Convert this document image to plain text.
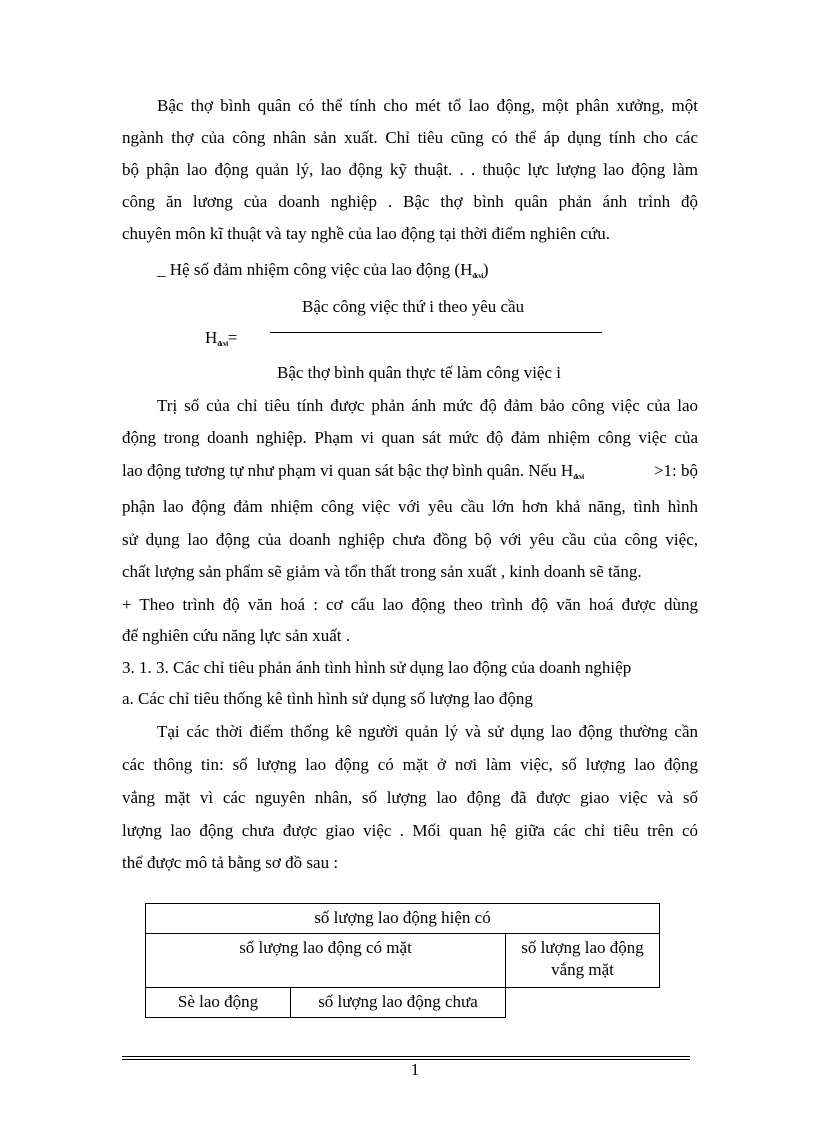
Bậc thợ bình quân có thể tính cho mét tổ lao động, một phân xưởng, một
ngành thợ của công nhân sản xuất. Chỉ tiêu cũng có thể áp dụng tính cho các
bộ phận lao động quản lý, lao động kỹ thuật. . . thuộc lực lượng lao động làm
công ăn lương của doanh nghiệp . Bậc thợ bình quân phản ánh trình độ
chuyên môn kĩ thuật và tay nghề của lao động tại thời điểm nghiên cứu.
_ Hệ số đảm nhiệm công việc của lao động $(H_{đcvi})$
Bậc công việc thứ i theo yêu cầu
$H_{đcvi}=$
Bậc thợ bình quân thực tế làm công việc i
Trị số của chỉ tiêu tính được phản ánh mức độ đảm bảo công việc của lao
động trong doanh nghiệp. Phạm vi quan sát mức độ đảm nhiệm công việc của
lao động tương tự như phạm vi quan sát bậc thợ bình quân. Nếu $H_{đcvi}$	>1: bộ
phận lao động đảm nhiệm công việc với yêu cầu lớn hơn khả năng, tình hình
sử dụng lao động của doanh nghiệp chưa đồng bộ với yêu cầu của công việc,
chất lượng sản phẩm sẽ giảm và tổn thất trong sản xuất , kinh doanh sẽ tăng.
+ Theo trình độ văn hoá : cơ cấu lao động theo trình độ văn hoá được dùng
để nghiên cứu năng lực sản xuất .
3. 1. 3. Các chỉ tiêu phản ánh tình hình sử dụng lao động của doanh nghiệp
a. Các chỉ tiêu thống kê tình hình sử dụng số lượng lao động
Tại các thời điểm thống kê người quản lý và sử dụng lao động thường cần
các thông tin: số lượng lao động có mặt ở nơi làm việc, số lượng lao động
vắng mặt vì các nguyên nhân, số lượng lao động đã được giao việc và số
lượng lao động chưa được giao việc . Mối quan hệ giữa các chỉ tiêu trên có
thể được mô tả bằng sơ đồ sau :
số lượng lao động hiện có		
số lượng lao động có mặt		số lượng lao động
vắng mặt

Sè lao động	số lượng lao động chưa	
1
